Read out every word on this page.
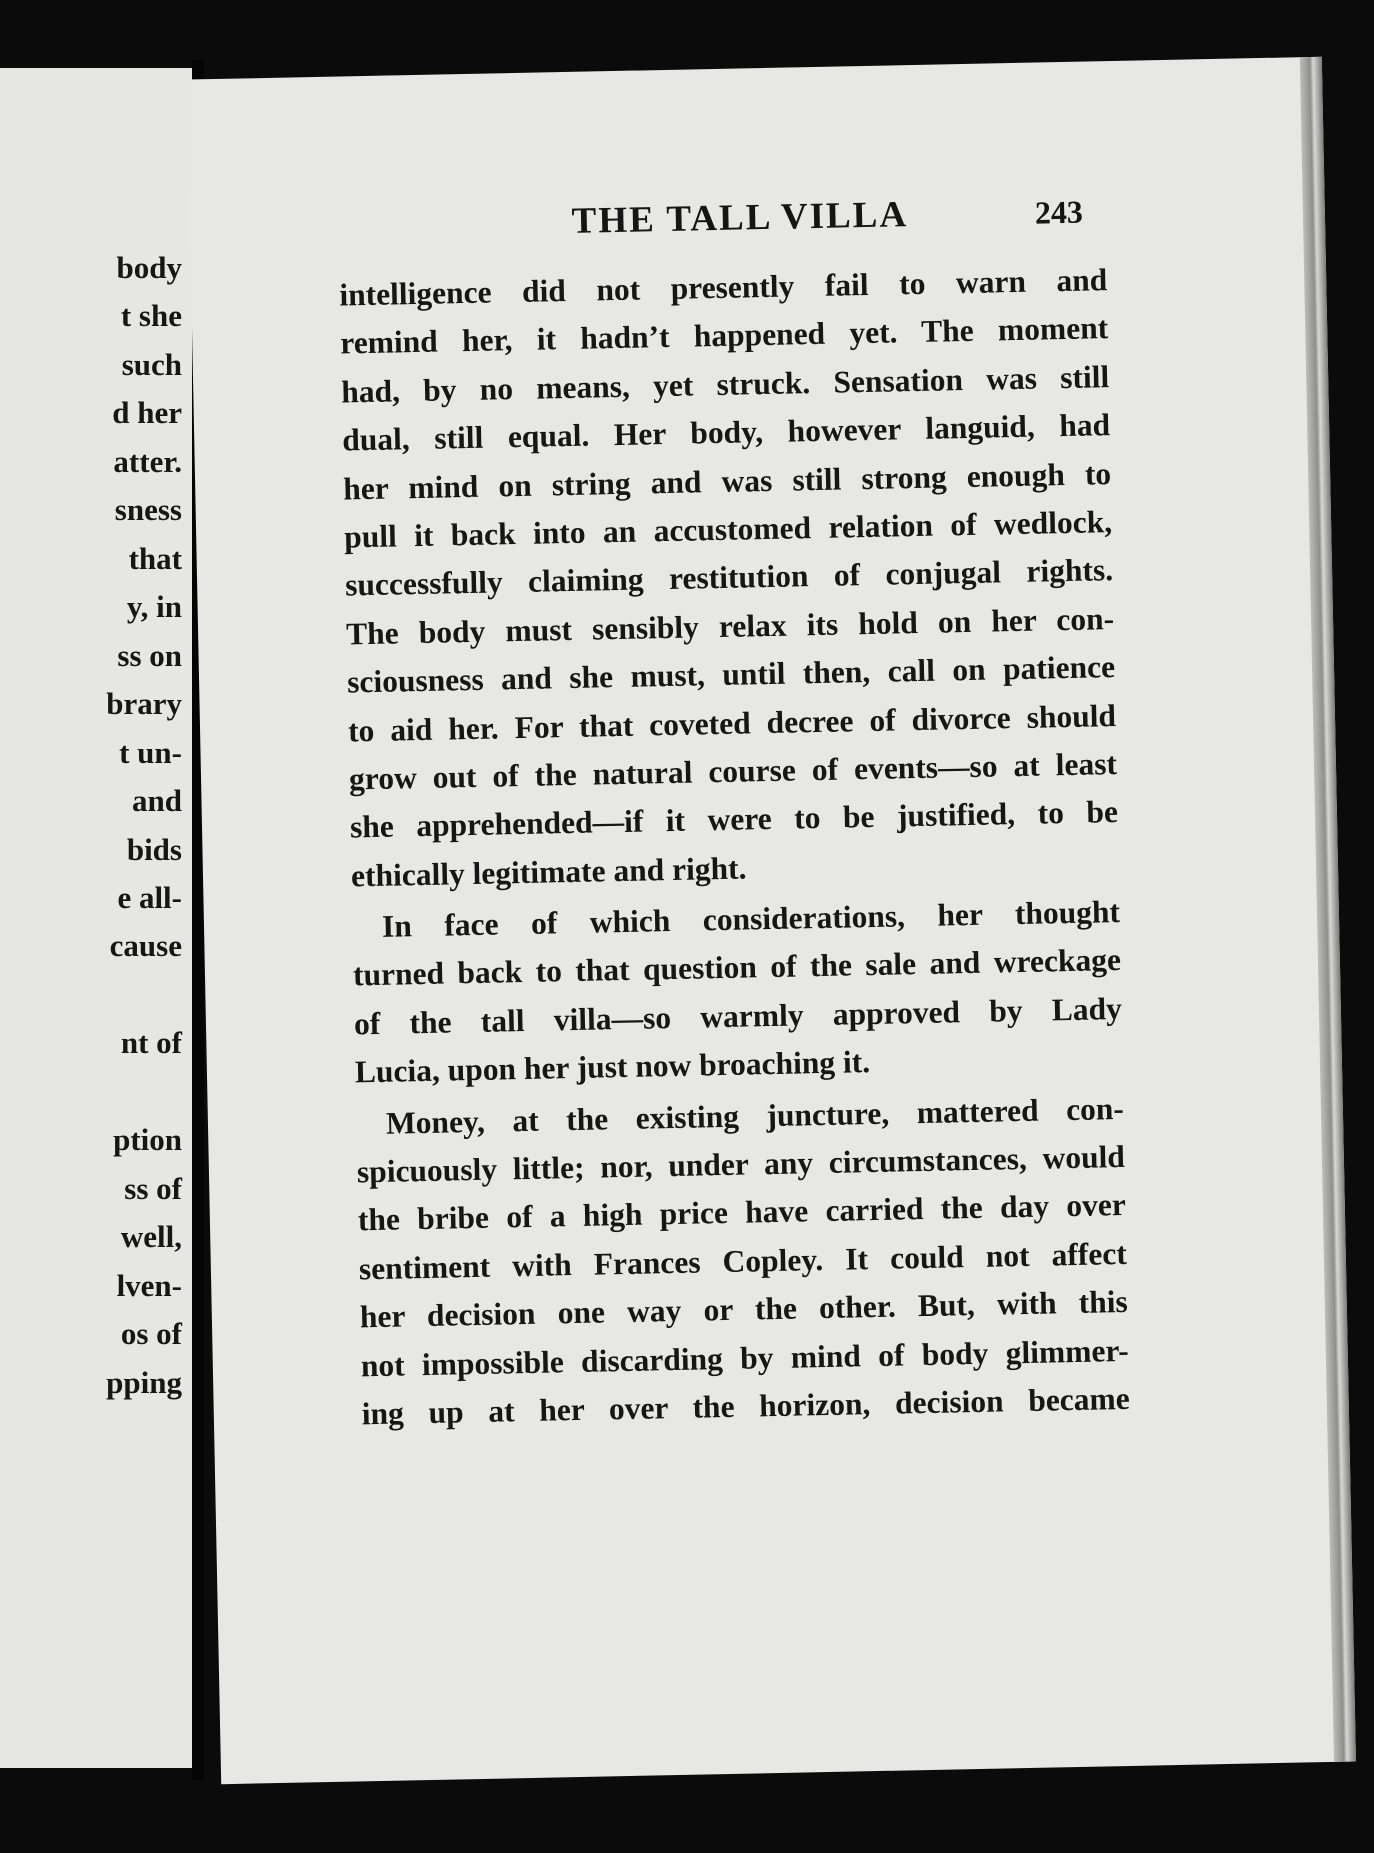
body
t she
such
d her
atter.
sness
that
y, in
ss on
brary
t un-
and
bids
e all-
cause
nt of
ption
ss of
well,
lven-
os of
pping
THE TALL VILLA	243
intelligence did not presently fail to warn and
remind her, it hadn’t happened yet. The moment
had, by no means, yet struck. Sensation was still
dual, still equal. Her body, however languid, had
her mind on string and was still strong enough to
pull it back into an accustomed relation of wedlock,
successfully claiming restitution of conjugal rights.
The body must sensibly relax its hold on her con-
sciousness and she must, until then, call on patience
to aid her. For that coveted decree of divorce should
grow out of the natural course of events—so at least
she apprehended—if it were to be justified, to be
ethically legitimate and right.
In face of which considerations, her thought
turned back to that question of the sale and wreckage
of the tall villa—so warmly approved by Lady
Lucia, upon her just now broaching it.
Money, at the existing juncture, mattered con-
spicuously little; nor, under any circumstances, would
the bribe of a high price have carried the day over
sentiment with Frances Copley. It could not affect
her decision one way or the other. But, with this
not impossible discarding by mind of body glimmer-
ing up at her over the horizon, decision became
